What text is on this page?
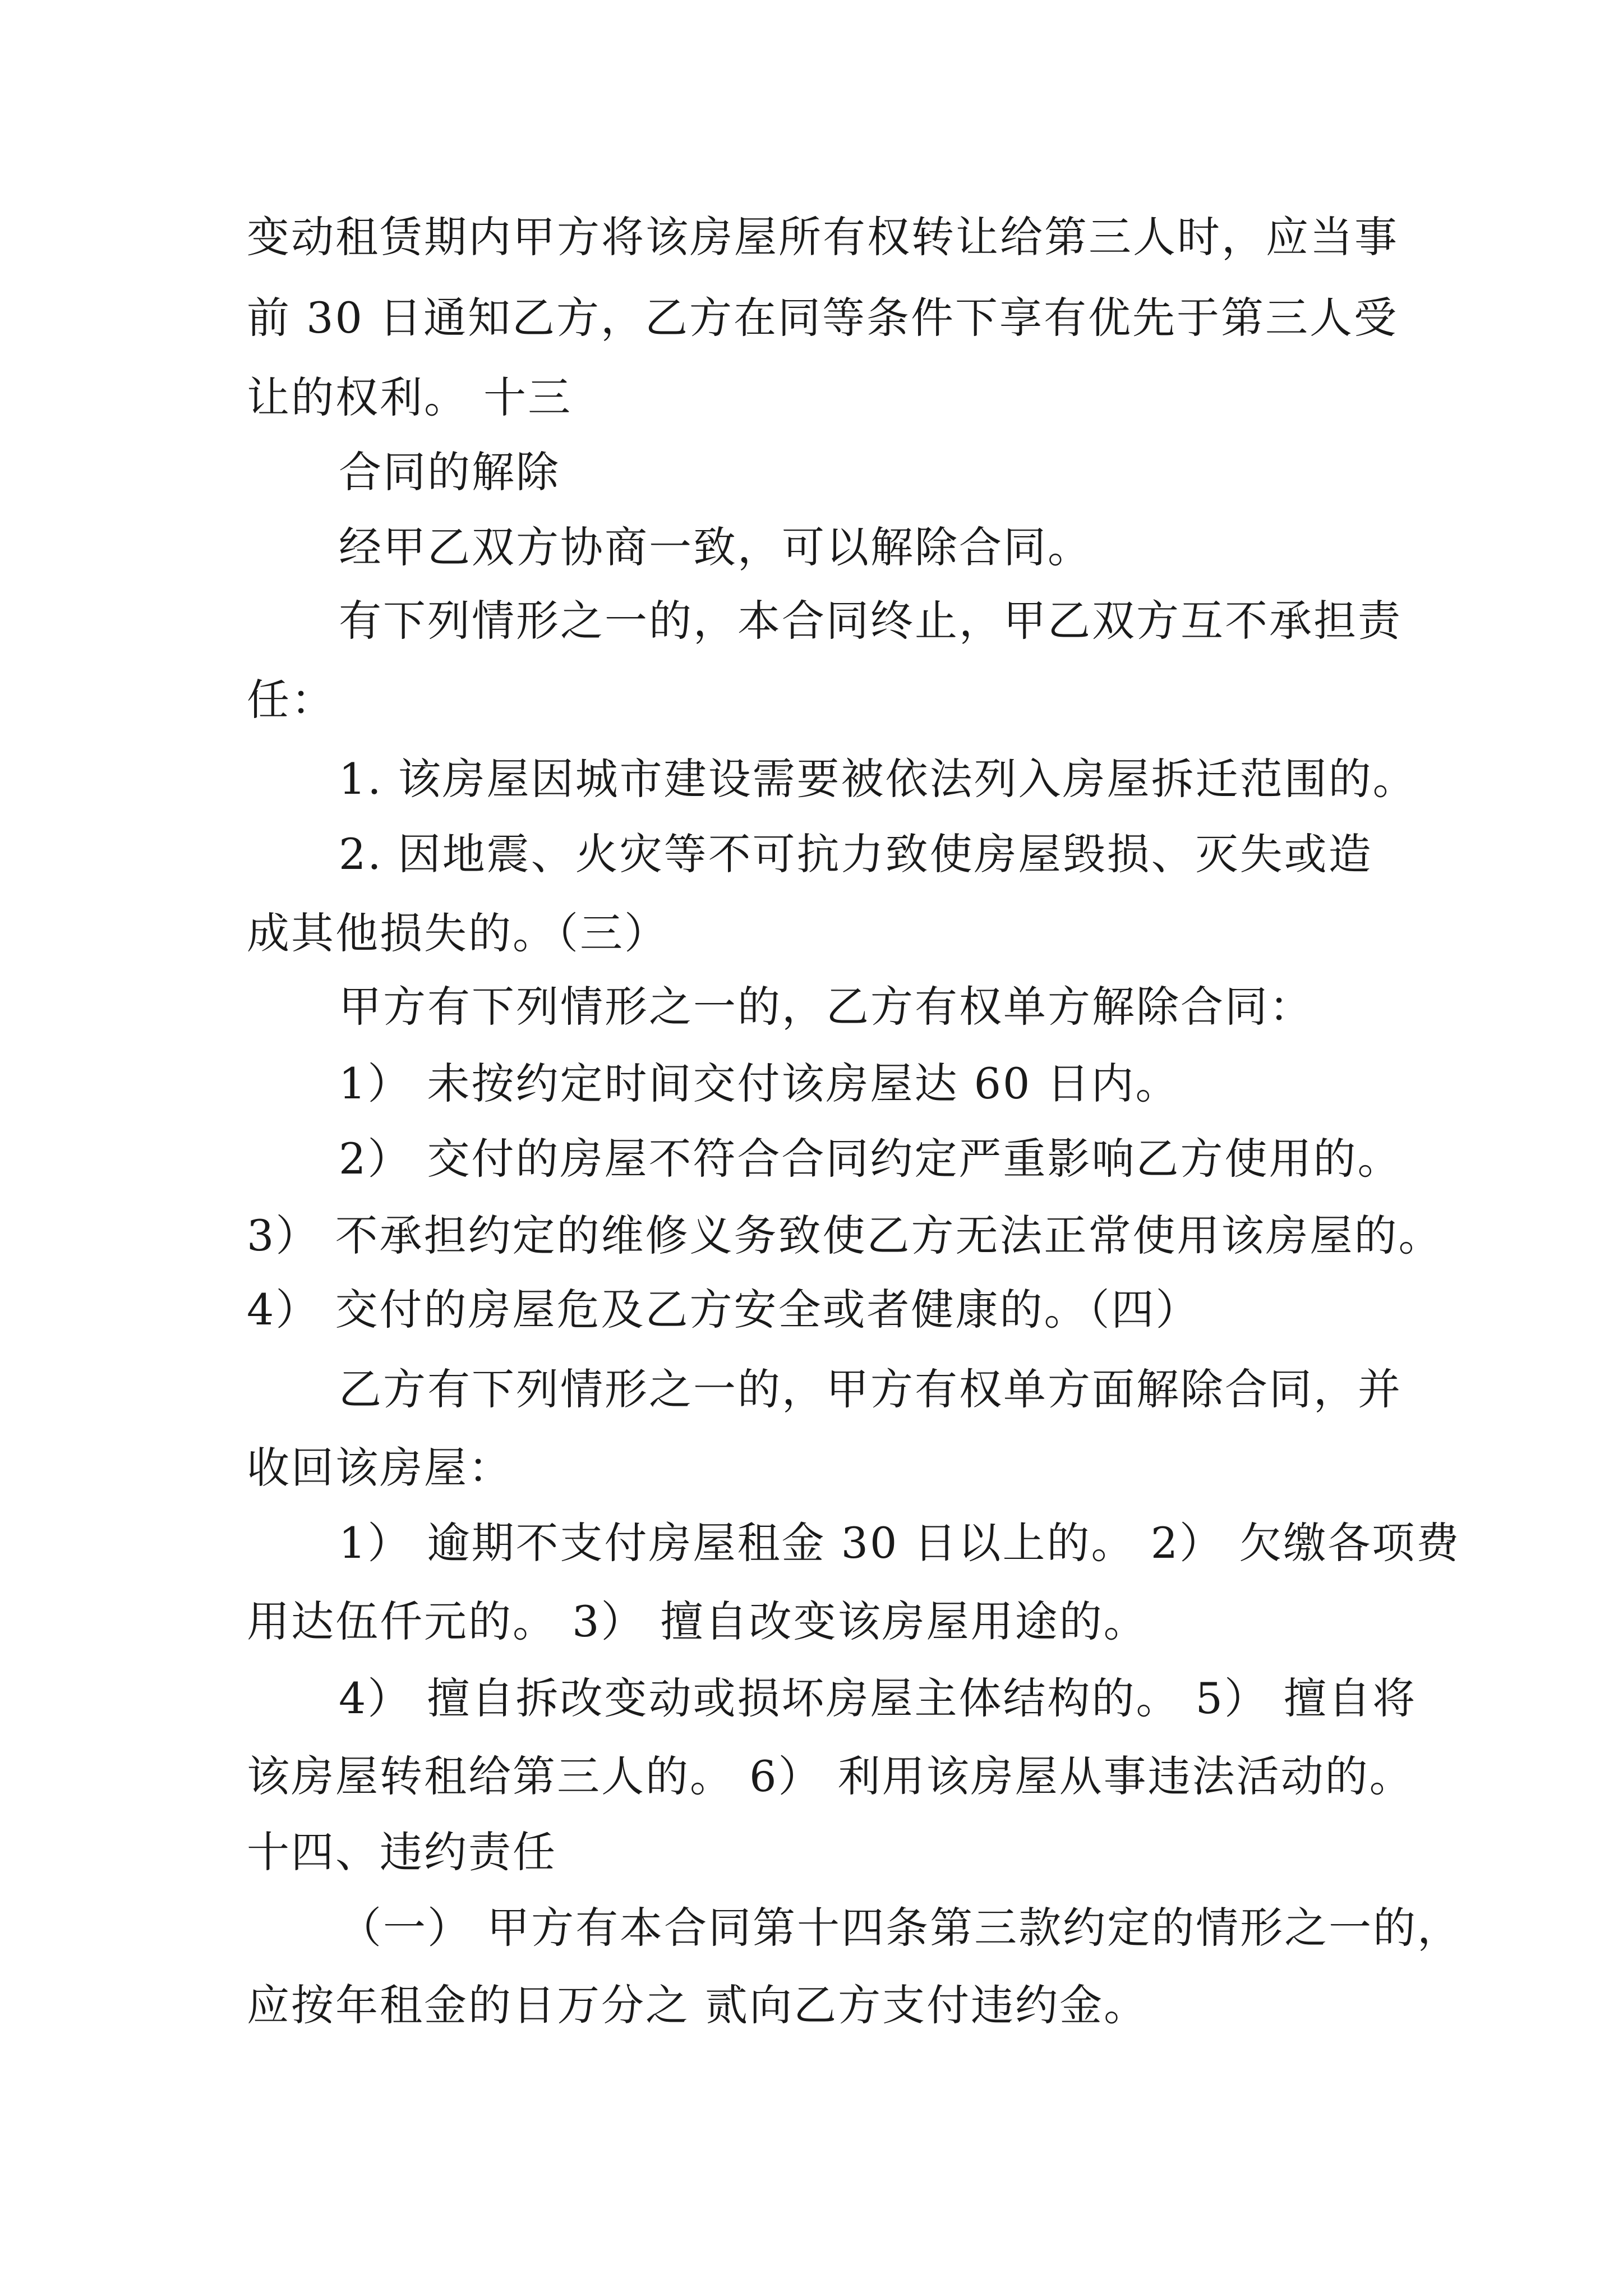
变动租赁期内甲方将该房屋所有权转让给第三人时，应当事
前 30 日通知乙方，乙方在同等条件下享有优先于第三人受
让的权利。 十三
合同的解除
经甲乙双方协商一致，可以解除合同。
有下列情形之一的，本合同终止，甲乙双方互不承担责
任：
1. 该房屋因城市建设需要被依法列入房屋拆迁范围的。
2. 因地震、火灾等不可抗力致使房屋毁损、灭失或造
成其他损失的。（三）
甲方有下列情形之一的，乙方有权单方解除合同：
1） 未按约定时间交付该房屋达 60 日内。
2） 交付的房屋不符合合同约定严重影响乙方使用的。
3） 不承担约定的维修义务致使乙方无法正常使用该房屋的。
4） 交付的房屋危及乙方安全或者健康的。（四）
乙方有下列情形之一的，甲方有权单方面解除合同，并
收回该房屋：
1） 逾期不支付房屋租金 30 日以上的。 2） 欠缴各项费
用达伍仟元的。 3） 擅自改变该房屋用途的。
4） 擅自拆改变动或损坏房屋主体结构的。 5） 擅自将
该房屋转租给第三人的。 6） 利用该房屋从事违法活动的。
十四、违约责任
（一） 甲方有本合同第十四条第三款约定的情形之一的，
应按年租金的日万分之 贰向乙方支付违约金。
